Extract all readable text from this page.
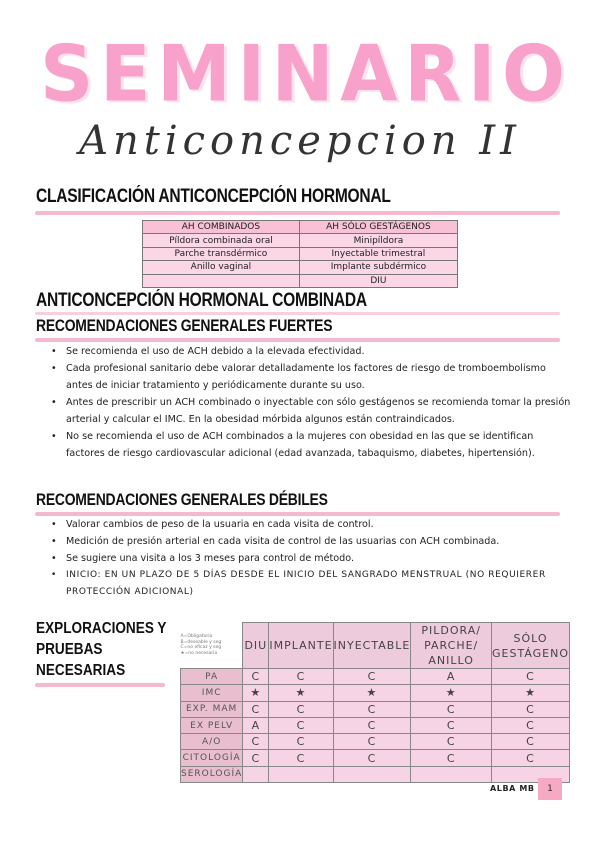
S E M I N A R I O
Anticoncepcion II
CLASIFICACIÓN ANTICONCEPCIÓN HORMONAL
AH COMBINADOS	AH SÓLO GESTÁGENOS
Píldora combinada oral	Minipíldora
Parche transdérmico	Inyectable trimestral
Anillo vaginal	Implante subdérmico
	DIU
ANTICONCEPCIÓN HORMONAL COMBINADA
RECOMENDACIONES GENERALES FUERTES
• Se recomienda el uso de ACH debido a la elevada efectividad.
• Cada profesional sanitario debe valorar detalladamente los factores de riesgo de tromboembolismo antes de iniciar tratamiento y periódicamente durante su uso.
• Antes de prescribir un ACH combinado o inyectable con sólo gestágenos se recomienda tomar la presión arterial y calcular el IMC. En la obesidad mórbida algunos están contraindicados.
• No se recomienda el uso de ACH combinados a la mujeres con obesidad en las que se identifican factores de riesgo cardiovascular adicional (edad avanzada, tabaquismo, diabetes, hipertensión).
RECOMENDACIONES GENERALES DÉBILES
• Valorar cambios de peso de la usuaria en cada visita de control.
• Medición de presión arterial en cada visita de control de las usuarias con ACH combinada.
• Se sugiere una visita a los 3 meses para control de método.
• INICIO: EN UN PLAZO DE 5 DÍAS DESDE EL INICIO DEL SANGRADO MENSTRUAL (NO REQUIERER PROTECCIÓN ADICIONAL)
EXPLORACIONES Y
PRUEBAS
NECESARIAS
A=Obligatoria
B=deseable y seg
C=no eficaz y seg
★=no necesaria	DIU	IMPLANTE	INYECTABLE	PILDORA/ PARCHE/ ANILLO	SÓLO GESTÁGENO
PA	C	C	C	A	C
IMC	★	★	★	★	★
EXP. MAM	C	C	C	C	C
EX PELV	A	C	C	C	C
A/O	C	C	C	C	C
CITOLOGÍA	C	C	C	C	C
SEROLOGÍA					
ALBA MB	1
